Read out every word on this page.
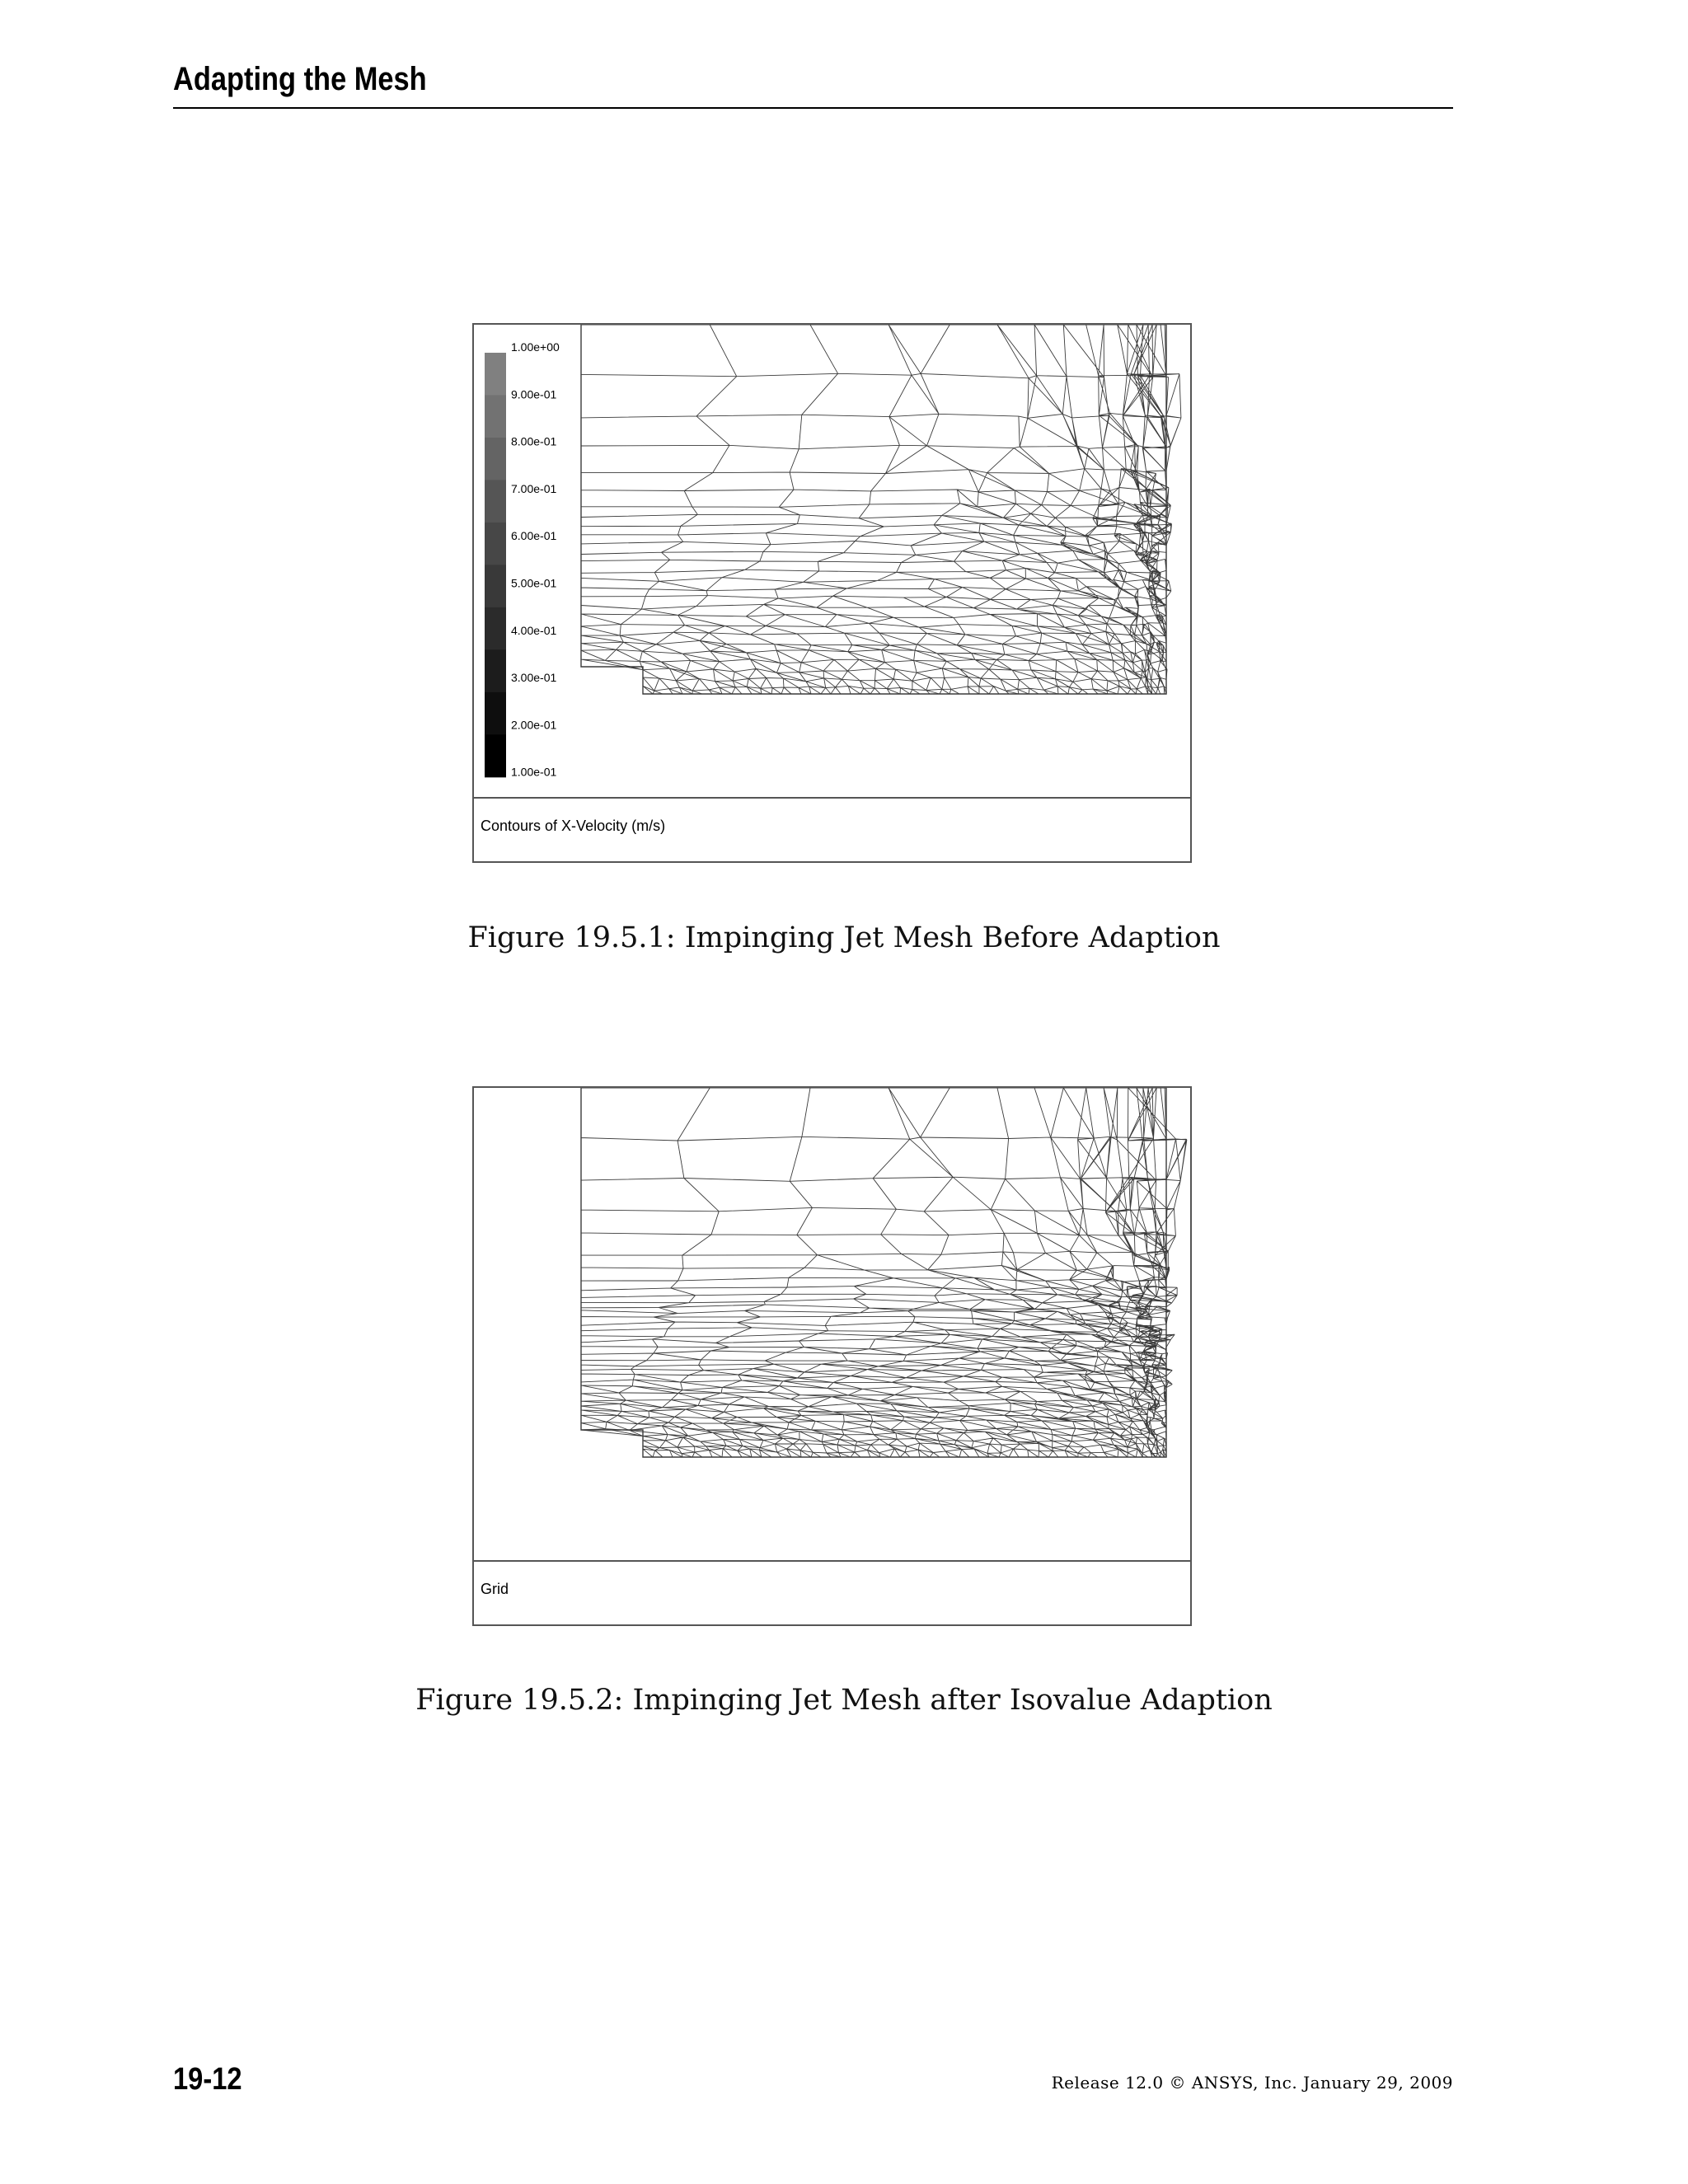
Adapting the Mesh
1.00e+00
9.00e-01
8.00e-01
7.00e-01
6.00e-01
5.00e-01
4.00e-01
3.00e-01
2.00e-01
1.00e-01
Contours of X-Velocity (m/s)
Figure 19.5.1: Impinging Jet Mesh Before Adaption
Grid
Figure 19.5.2: Impinging Jet Mesh after Isovalue Adaption
19-12	Release 12.0 © ANSYS, Inc. January 29, 2009
